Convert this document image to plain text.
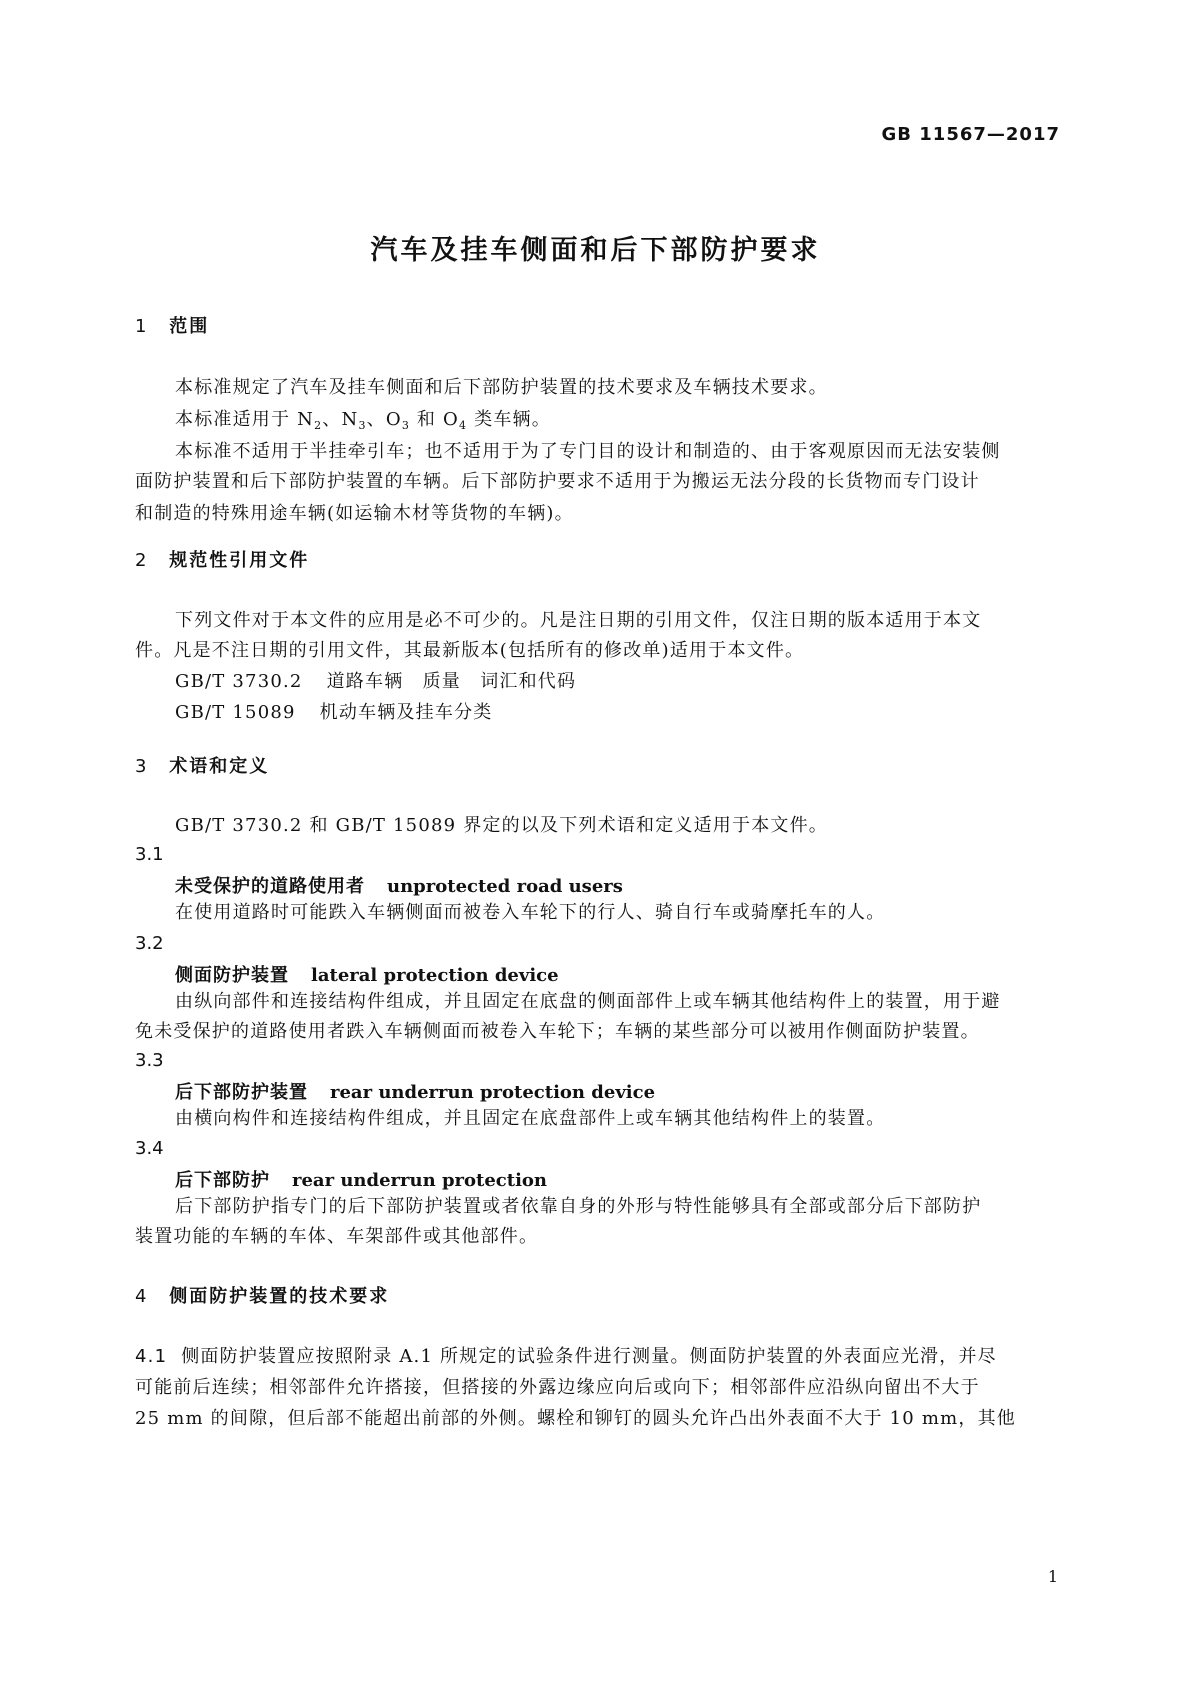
GB 11567—2017
汽车及挂车侧面和后下部防护要求
1 范围
本标准规定了汽车及挂车侧面和后下部防护装置的技术要求及车辆技术要求。
本标准适用于 $N_2$、$N_3$、$O_3$ 和 $O_4$ 类车辆。
本标准不适用于半挂牵引车；也不适用于为了专门目的设计和制造的、由于客观原因而无法安装侧
面防护装置和后下部防护装置的车辆。后下部防护要求不适用于为搬运无法分段的长货物而专门设计
和制造的特殊用途车辆(如运输木材等货物的车辆)。
2 规范性引用文件
下列文件对于本文件的应用是必不可少的。凡是注日期的引用文件，仅注日期的版本适用于本文
件。凡是不注日期的引用文件，其最新版本(包括所有的修改单)适用于本文件。
GB/T 3730.2 道路车辆　质量　词汇和代码
GB/T 15089 机动车辆及挂车分类
3 术语和定义
GB/T 3730.2 和 GB/T 15089 界定的以及下列术语和定义适用于本文件。
3.1
未受保护的道路使用者 unprotected road users
在使用道路时可能跌入车辆侧面而被卷入车轮下的行人、骑自行车或骑摩托车的人。
3.2
侧面防护装置 lateral protection device
由纵向部件和连接结构件组成，并且固定在底盘的侧面部件上或车辆其他结构件上的装置，用于避
免未受保护的道路使用者跌入车辆侧面而被卷入车轮下；车辆的某些部分可以被用作侧面防护装置。
3.3
后下部防护装置 rear underrun protection device
由横向构件和连接结构件组成，并且固定在底盘部件上或车辆其他结构件上的装置。
3.4
后下部防护 rear underrun protection
后下部防护指专门的后下部防护装置或者依靠自身的外形与特性能够具有全部或部分后下部防护
装置功能的车辆的车体、车架部件或其他部件。
4 侧面防护装置的技术要求
4.1 侧面防护装置应按照附录 A.1 所规定的试验条件进行测量。侧面防护装置的外表面应光滑，并尽
可能前后连续；相邻部件允许搭接，但搭接的外露边缘应向后或向下；相邻部件应沿纵向留出不大于
25 mm 的间隙，但后部不能超出前部的外侧。螺栓和铆钉的圆头允许凸出外表面不大于 10 mm，其他
1
